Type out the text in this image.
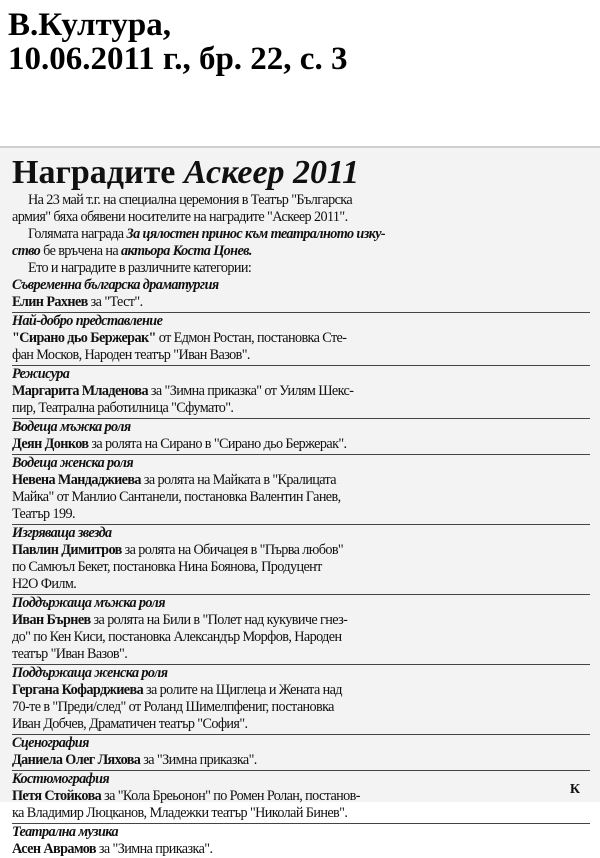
В.Култура,
10.06.2011 г., бр. 22, с. 3
Наградите Аскеер 2011
На 23 май т.г. на специална церемония в Театър "Българска
армия" бяха обявени носителите на наградите "Аскеер 2011".
Голямата награда За цялостен принос към театралното изку-
ство бе връчена на актьора Коста Цонев.
Ето и наградите в различните категории:
Съвременна българска драматургия
Елин Рахнев за "Тест".
Най-добро представление
"Сирано дьо Бержерак" от Едмон Ростан, постановка Сте-
фан Москов, Народен театър "Иван Вазов".
Режисура
Маргарита Младенова за "Зимна приказка" от Уилям Шекс-
пир, Театрална работилница "Сфумато".
Водеща мъжка роля
Деян Донков за ролята на Сирано в "Сирано дьо Бержерак".
Водеща женска роля
Невена Мандаджиева за ролята на Майката в "Кралицата
Майка" от Манлио Сантанели, постановка Валентин Ганев,
Театър 199.
Изгряваща звезда
Павлин Димитров за ролята на Обичацея в "Първа любов"
по Самюъл Бекет, постановка Нина Боянова, Продуцент
Н2О Филм.
Поддържаща мъжка роля
Иван Бърнев за ролята на Били в "Полет над кукувиче гнез-
до" по Кен Киси, постановка Александър Морфов, Народен
театър "Иван Вазов".
Поддържаща женска роля
Гергана Кофарджиева за ролите на Щиглеца и Жената над
70-те в "Преди/след" от Роланд Шимелпфениг, постановка
Иван Добчев, Драматичен театър "София".
Сценография
Даниела Олег Ляхова за "Зимна приказка".
Костюмография
Петя Стойкова за "Кола Бреьонон" по Ромен Ролан, постанов-
ка Владимир Люцканов, Младежки театър "Николай Бинев".
Театрална музика
Асен Аврамов за "Зимна приказка".
К
